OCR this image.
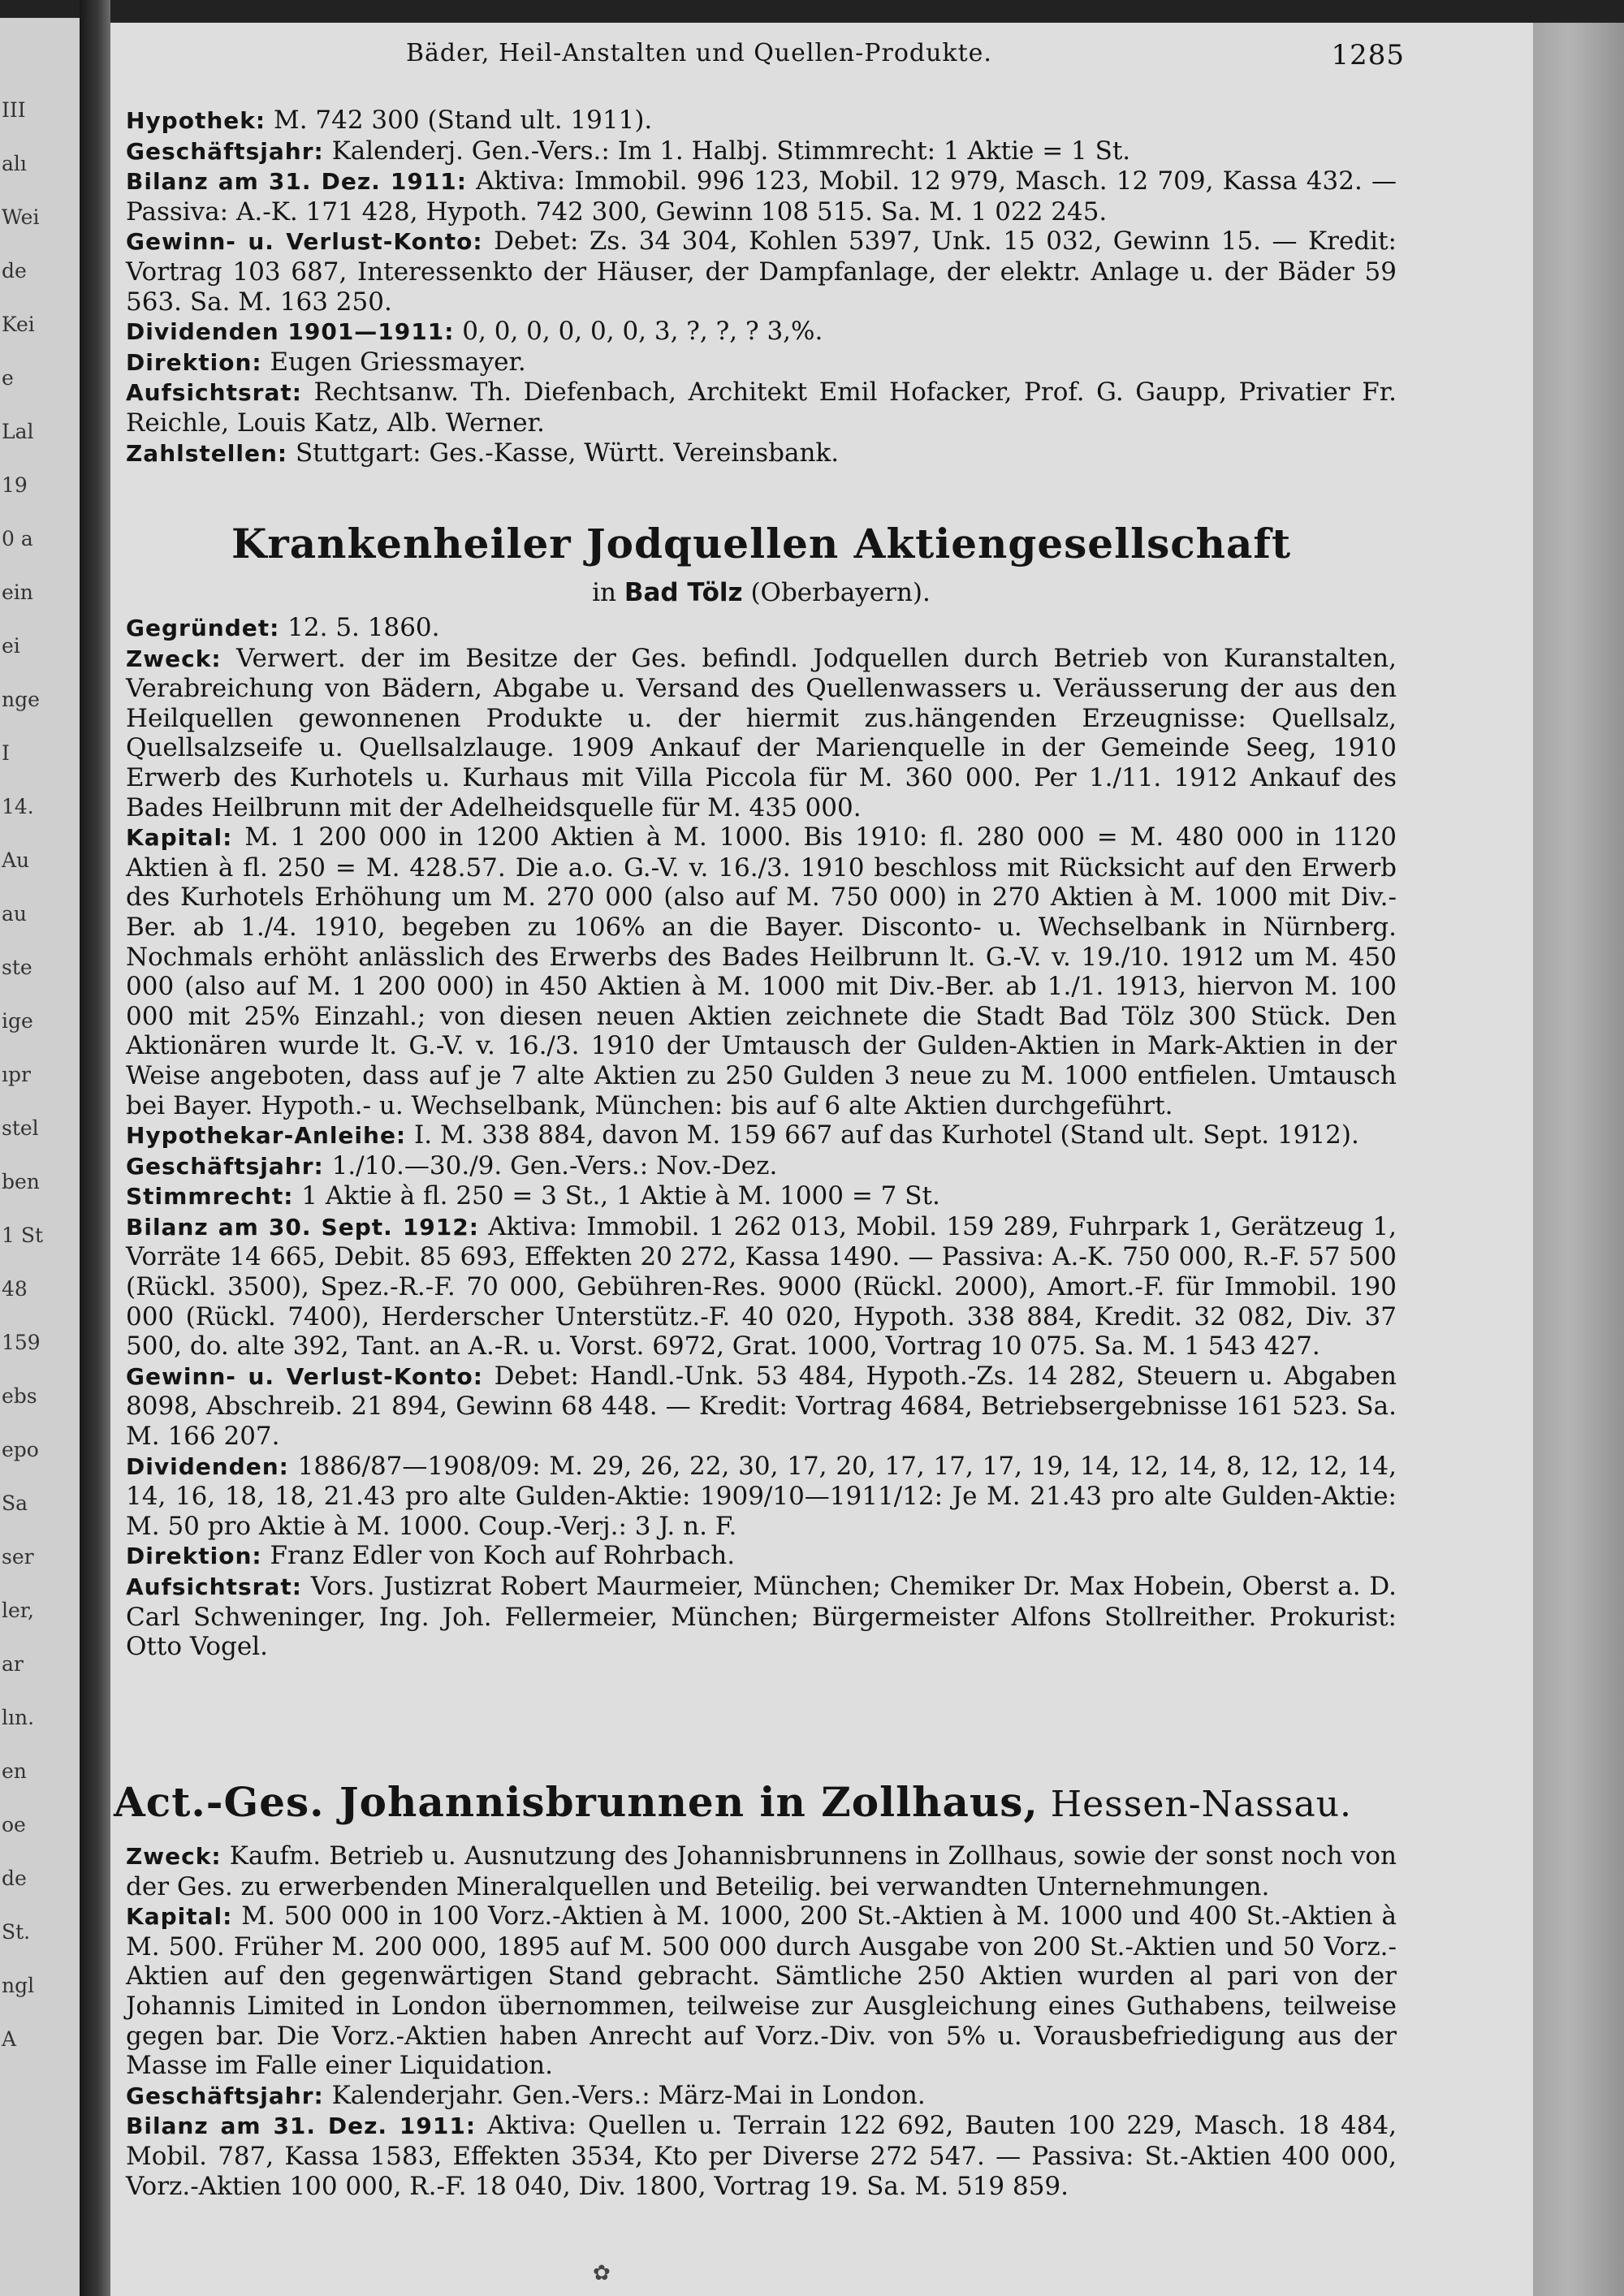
III
alı
Wei
de
Kei
e
Lal
19
0 a
ein
ei
nge
I
14.
Au
au
ste
ige
ıpr
stel
ben
1 St
48
159
ebs
epo
Sa
ser
ler,
ar
lın.
en
oe
de
St.
ngl
A
Bäder, Heil-Anstalten und Quellen-Produkte.	1285

Hypothek: M. 742 300 (Stand ult. 1911).

Geschäftsjahr: Kalenderj. Gen.-Vers.: Im 1. Halbj. Stimmrecht: 1 Aktie = 1 St.

Bilanz am 31. Dez. 1911: Aktiva: Immobil. 996 123, Mobil. 12 979, Masch. 12 709, Kassa 432. — Passiva: A.-K. 171 428, Hypoth. 742 300, Gewinn 108 515. Sa. M. 1 022 245.

Gewinn- u. Verlust-Konto: Debet: Zs. 34 304, Kohlen 5397, Unk. 15 032, Gewinn 15. — Kredit: Vortrag 103 687, Interessenkto der Häuser, der Dampfanlage, der elektr. Anlage u. der Bäder 59 563. Sa. M. 163 250.

Dividenden 1901—1911: 0, 0, 0, 0, 0, 0, 3, ?, ?, ? 3,%.

Direktion: Eugen Griessmayer.

Aufsichtsrat: Rechtsanw. Th. Diefenbach, Architekt Emil Hofacker, Prof. G. Gaupp, Privatier Fr. Reichle, Louis Katz, Alb. Werner.

Zahlstellen: Stuttgart: Ges.-Kasse, Württ. Vereinsbank.

Krankenheiler Jodquellen Aktiengesellschaft
in Bad Tölz (Oberbayern).

Gegründet: 12. 5. 1860.

Zweck: Verwert. der im Besitze der Ges. befindl. Jodquellen durch Betrieb von Kuranstalten, Verabreichung von Bädern, Abgabe u. Versand des Quellenwassers u. Veräusserung der aus den Heilquellen gewonnenen Produkte u. der hiermit zus.hängenden Erzeugnisse: Quellsalz, Quellsalzseife u. Quellsalzlauge. 1909 Ankauf der Marienquelle in der Gemeinde Seeg, 1910 Erwerb des Kurhotels u. Kurhaus mit Villa Piccola für M. 360 000. Per 1./11. 1912 Ankauf des Bades Heilbrunn mit der Adelheidsquelle für M. 435 000.

Kapital: M. 1 200 000 in 1200 Aktien à M. 1000. Bis 1910: fl. 280 000 = M. 480 000 in 1120 Aktien à fl. 250 = M. 428.57. Die a.o. G.-V. v. 16./3. 1910 beschloss mit Rücksicht auf den Erwerb des Kurhotels Erhöhung um M. 270 000 (also auf M. 750 000) in 270 Aktien à M. 1000 mit Div.-Ber. ab 1./4. 1910, begeben zu 106% an die Bayer. Disconto- u. Wechselbank in Nürnberg. Nochmals erhöht anlässlich des Erwerbs des Bades Heilbrunn lt. G.-V. v. 19./10. 1912 um M. 450 000 (also auf M. 1 200 000) in 450 Aktien à M. 1000 mit Div.-Ber. ab 1./1. 1913, hiervon M. 100 000 mit 25% Einzahl.; von diesen neuen Aktien zeichnete die Stadt Bad Tölz 300 Stück. Den Aktionären wurde lt. G.-V. v. 16./3. 1910 der Umtausch der Gulden-Aktien in Mark-Aktien in der Weise angeboten, dass auf je 7 alte Aktien zu 250 Gulden 3 neue zu M. 1000 entfielen. Umtausch bei Bayer. Hypoth.- u. Wechselbank, München: bis auf 6 alte Aktien durchgeführt.

Hypothekar-Anleihe: I. M. 338 884, davon M. 159 667 auf das Kurhotel (Stand ult. Sept. 1912).

Geschäftsjahr: 1./10.—30./9. Gen.-Vers.: Nov.-Dez.

Stimmrecht: 1 Aktie à fl. 250 = 3 St., 1 Aktie à M. 1000 = 7 St.

Bilanz am 30. Sept. 1912: Aktiva: Immobil. 1 262 013, Mobil. 159 289, Fuhrpark 1, Gerätzeug 1, Vorräte 14 665, Debit. 85 693, Effekten 20 272, Kassa 1490. — Passiva: A.-K. 750 000, R.-F. 57 500 (Rückl. 3500), Spez.-R.-F. 70 000, Gebühren-Res. 9000 (Rückl. 2000), Amort.-F. für Immobil. 190 000 (Rückl. 7400), Herderscher Unterstütz.-F. 40 020, Hypoth. 338 884, Kredit. 32 082, Div. 37 500, do. alte 392, Tant. an A.-R. u. Vorst. 6972, Grat. 1000, Vortrag 10 075. Sa. M. 1 543 427.

Gewinn- u. Verlust-Konto: Debet: Handl.-Unk. 53 484, Hypoth.-Zs. 14 282, Steuern u. Abgaben 8098, Abschreib. 21 894, Gewinn 68 448. — Kredit: Vortrag 4684, Betriebsergebnisse 161 523. Sa. M. 166 207.

Dividenden: 1886/87—1908/09: M. 29, 26, 22, 30, 17, 20, 17, 17, 17, 19, 14, 12, 14, 8, 12, 12, 14, 14, 16, 18, 18, 21.43 pro alte Gulden-Aktie: 1909/10—1911/12: Je M. 21.43 pro alte Gulden-Aktie: M. 50 pro Aktie à M. 1000. Coup.-Verj.: 3 J. n. F.

Direktion: Franz Edler von Koch auf Rohrbach.

Aufsichtsrat: Vors. Justizrat Robert Maurmeier, München; Chemiker Dr. Max Hobein, Oberst a. D. Carl Schweninger, Ing. Joh. Fellermeier, München; Bürgermeister Alfons Stollreither. Prokurist: Otto Vogel.

Act.-Ges. Johannisbrunnen in Zollhaus, Hessen-Nassau.

Zweck: Kaufm. Betrieb u. Ausnutzung des Johannisbrunnens in Zollhaus, sowie der sonst noch von der Ges. zu erwerbenden Mineralquellen und Beteilig. bei verwandten Unternehmungen.

Kapital: M. 500 000 in 100 Vorz.-Aktien à M. 1000, 200 St.-Aktien à M. 1000 und 400 St.-Aktien à M. 500. Früher M. 200 000, 1895 auf M. 500 000 durch Ausgabe von 200 St.-Aktien und 50 Vorz.-Aktien auf den gegenwärtigen Stand gebracht. Sämtliche 250 Aktien wurden al pari von der Johannis Limited in London übernommen, teilweise zur Ausgleichung eines Guthabens, teilweise gegen bar. Die Vorz.-Aktien haben Anrecht auf Vorz.-Div. von 5% u. Vorausbefriedigung aus der Masse im Falle einer Liquidation.

Geschäftsjahr: Kalenderjahr. Gen.-Vers.: März-Mai in London.

Bilanz am 31. Dez. 1911: Aktiva: Quellen u. Terrain 122 692, Bauten 100 229, Masch. 18 484, Mobil. 787, Kassa 1583, Effekten 3534, Kto per Diverse 272 547. — Passiva: St.-Aktien 400 000, Vorz.-Aktien 100 000, R.-F. 18 040, Div. 1800, Vortrag 19. Sa. M. 519 859.

✿
